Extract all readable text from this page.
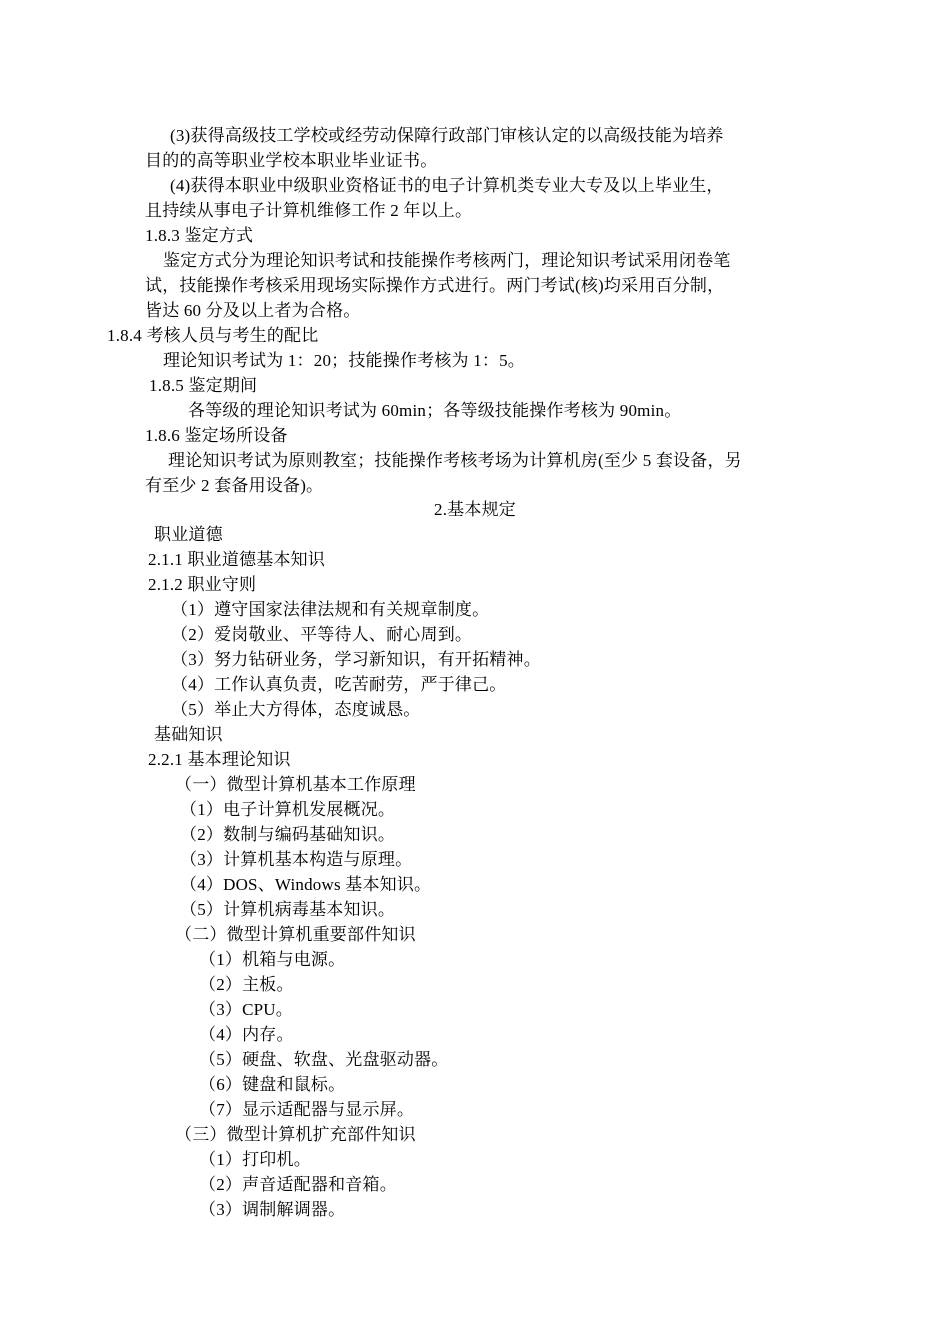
(3)获得高级技工学校或经劳动保障行政部门审核认定的以高级技能为培养
目的的高等职业学校本职业毕业证书。
(4)获得本职业中级职业资格证书的电子计算机类专业大专及以上毕业生，
且持续从事电子计算机维修工作 2 年以上。
1.8.3 鉴定方式
鉴定方式分为理论知识考试和技能操作考核两门，理论知识考试采用闭卷笔
试，技能操作考核采用现场实际操作方式进行。两门考试(核)均采用百分制，
皆达 60 分及以上者为合格。
1.8.4 考核人员与考生的配比
理论知识考试为 1：20；技能操作考核为 1：5。
1.8.5 鉴定期间
各等级的理论知识考试为 60min；各等级技能操作考核为 90min。
1.8.6 鉴定场所设备
理论知识考试为原则教室；技能操作考核考场为计算机房(至少 5 套设备，另
有至少 2 套备用设备)。
2.基本规定
职业道德
2.1.1 职业道德基本知识
2.1.2 职业守则
（1）遵守国家法律法规和有关规章制度。
（2）爱岗敬业、平等待人、耐心周到。
（3）努力钻研业务，学习新知识，有开拓精神。
（4）工作认真负责，吃苦耐劳，严于律己。
（5）举止大方得体，态度诚恳。
基础知识
2.2.1 基本理论知识
（一）微型计算机基本工作原理
（1）电子计算机发展概况。
（2）数制与编码基础知识。
（3）计算机基本构造与原理。
（4）DOS、Windows 基本知识。
（5）计算机病毒基本知识。
（二）微型计算机重要部件知识
（1）机箱与电源。
（2）主板。
（3）CPU。
（4）内存。
（5）硬盘、软盘、光盘驱动器。
（6）键盘和鼠标。
（7）显示适配器与显示屏。
（三）微型计算机扩充部件知识
（1）打印机。
（2）声音适配器和音箱。
（3）调制解调器。
